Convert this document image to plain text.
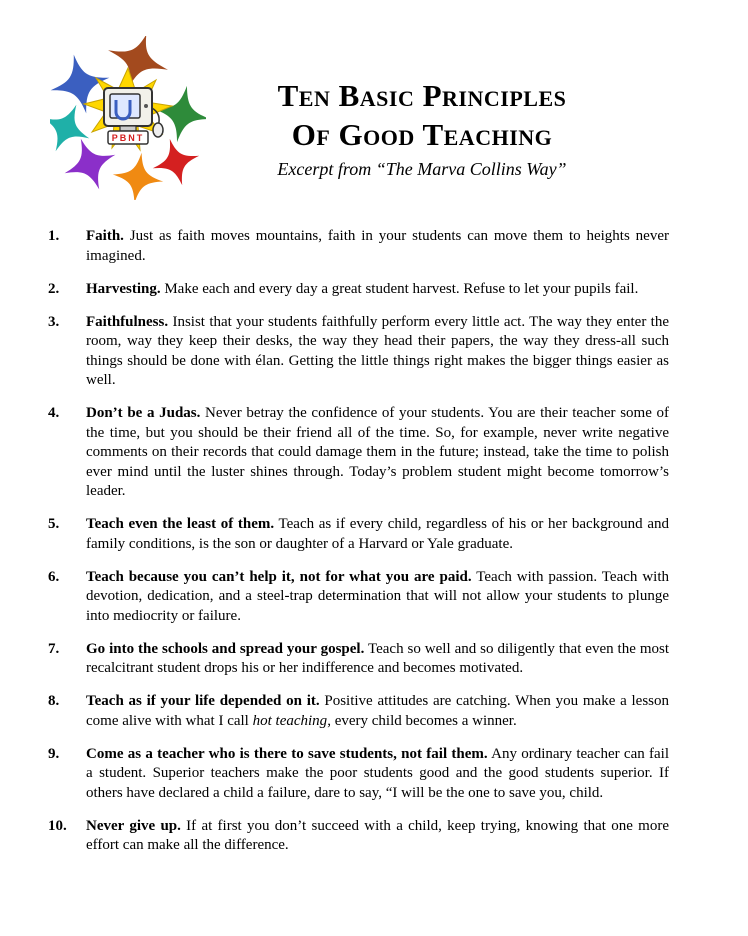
PBNT
Ten Basic Principles
Of Good Teaching
Excerpt from “The Marva Collins Way”
1.	Faith. Just as faith moves mountains, faith in your students can move them to heights never imagined.
2.	Harvesting. Make each and every day a great student harvest. Refuse to let your pupils fail.
3.	Faithfulness. Insist that your students faithfully perform every little act. The way they enter the room, way they keep their desks, the way they head their papers, the way they dress-all such things should be done with élan. Getting the little things right makes the bigger things easier as well.
4.	Don’t be a Judas. Never betray the confidence of your students. You are their teacher some of the time, but you should be their friend all of the time. So, for example, never write negative comments on their records that could damage them in the future; instead, take the time to polish ever mind until the luster shines through. Today’s problem student might become tomorrow’s leader.
5.	Teach even the least of them. Teach as if every child, regardless of his or her background and family conditions, is the son or daughter of a Harvard or Yale graduate.
6.	Teach because you can’t help it, not for what you are paid. Teach with passion. Teach with devotion, dedication, and a steel-trap determination that will not allow your students to plunge into mediocrity or failure.
7.	Go into the schools and spread your gospel. Teach so well and so diligently that even the most recalcitrant student drops his or her indifference and becomes motivated.
8.	Teach as if your life depended on it. Positive attitudes are catching. When you make a lesson come alive with what I call hot teaching, every child becomes a winner.
9.	Come as a teacher who is there to save students, not fail them. Any ordinary teacher can fail a student. Superior teachers make the poor students good and the good students superior. If others have declared a child a failure, dare to say, “I will be the one to save you, child.
10.	Never give up. If at first you don’t succeed with a child, keep trying, knowing that one more effort can make all the difference.
